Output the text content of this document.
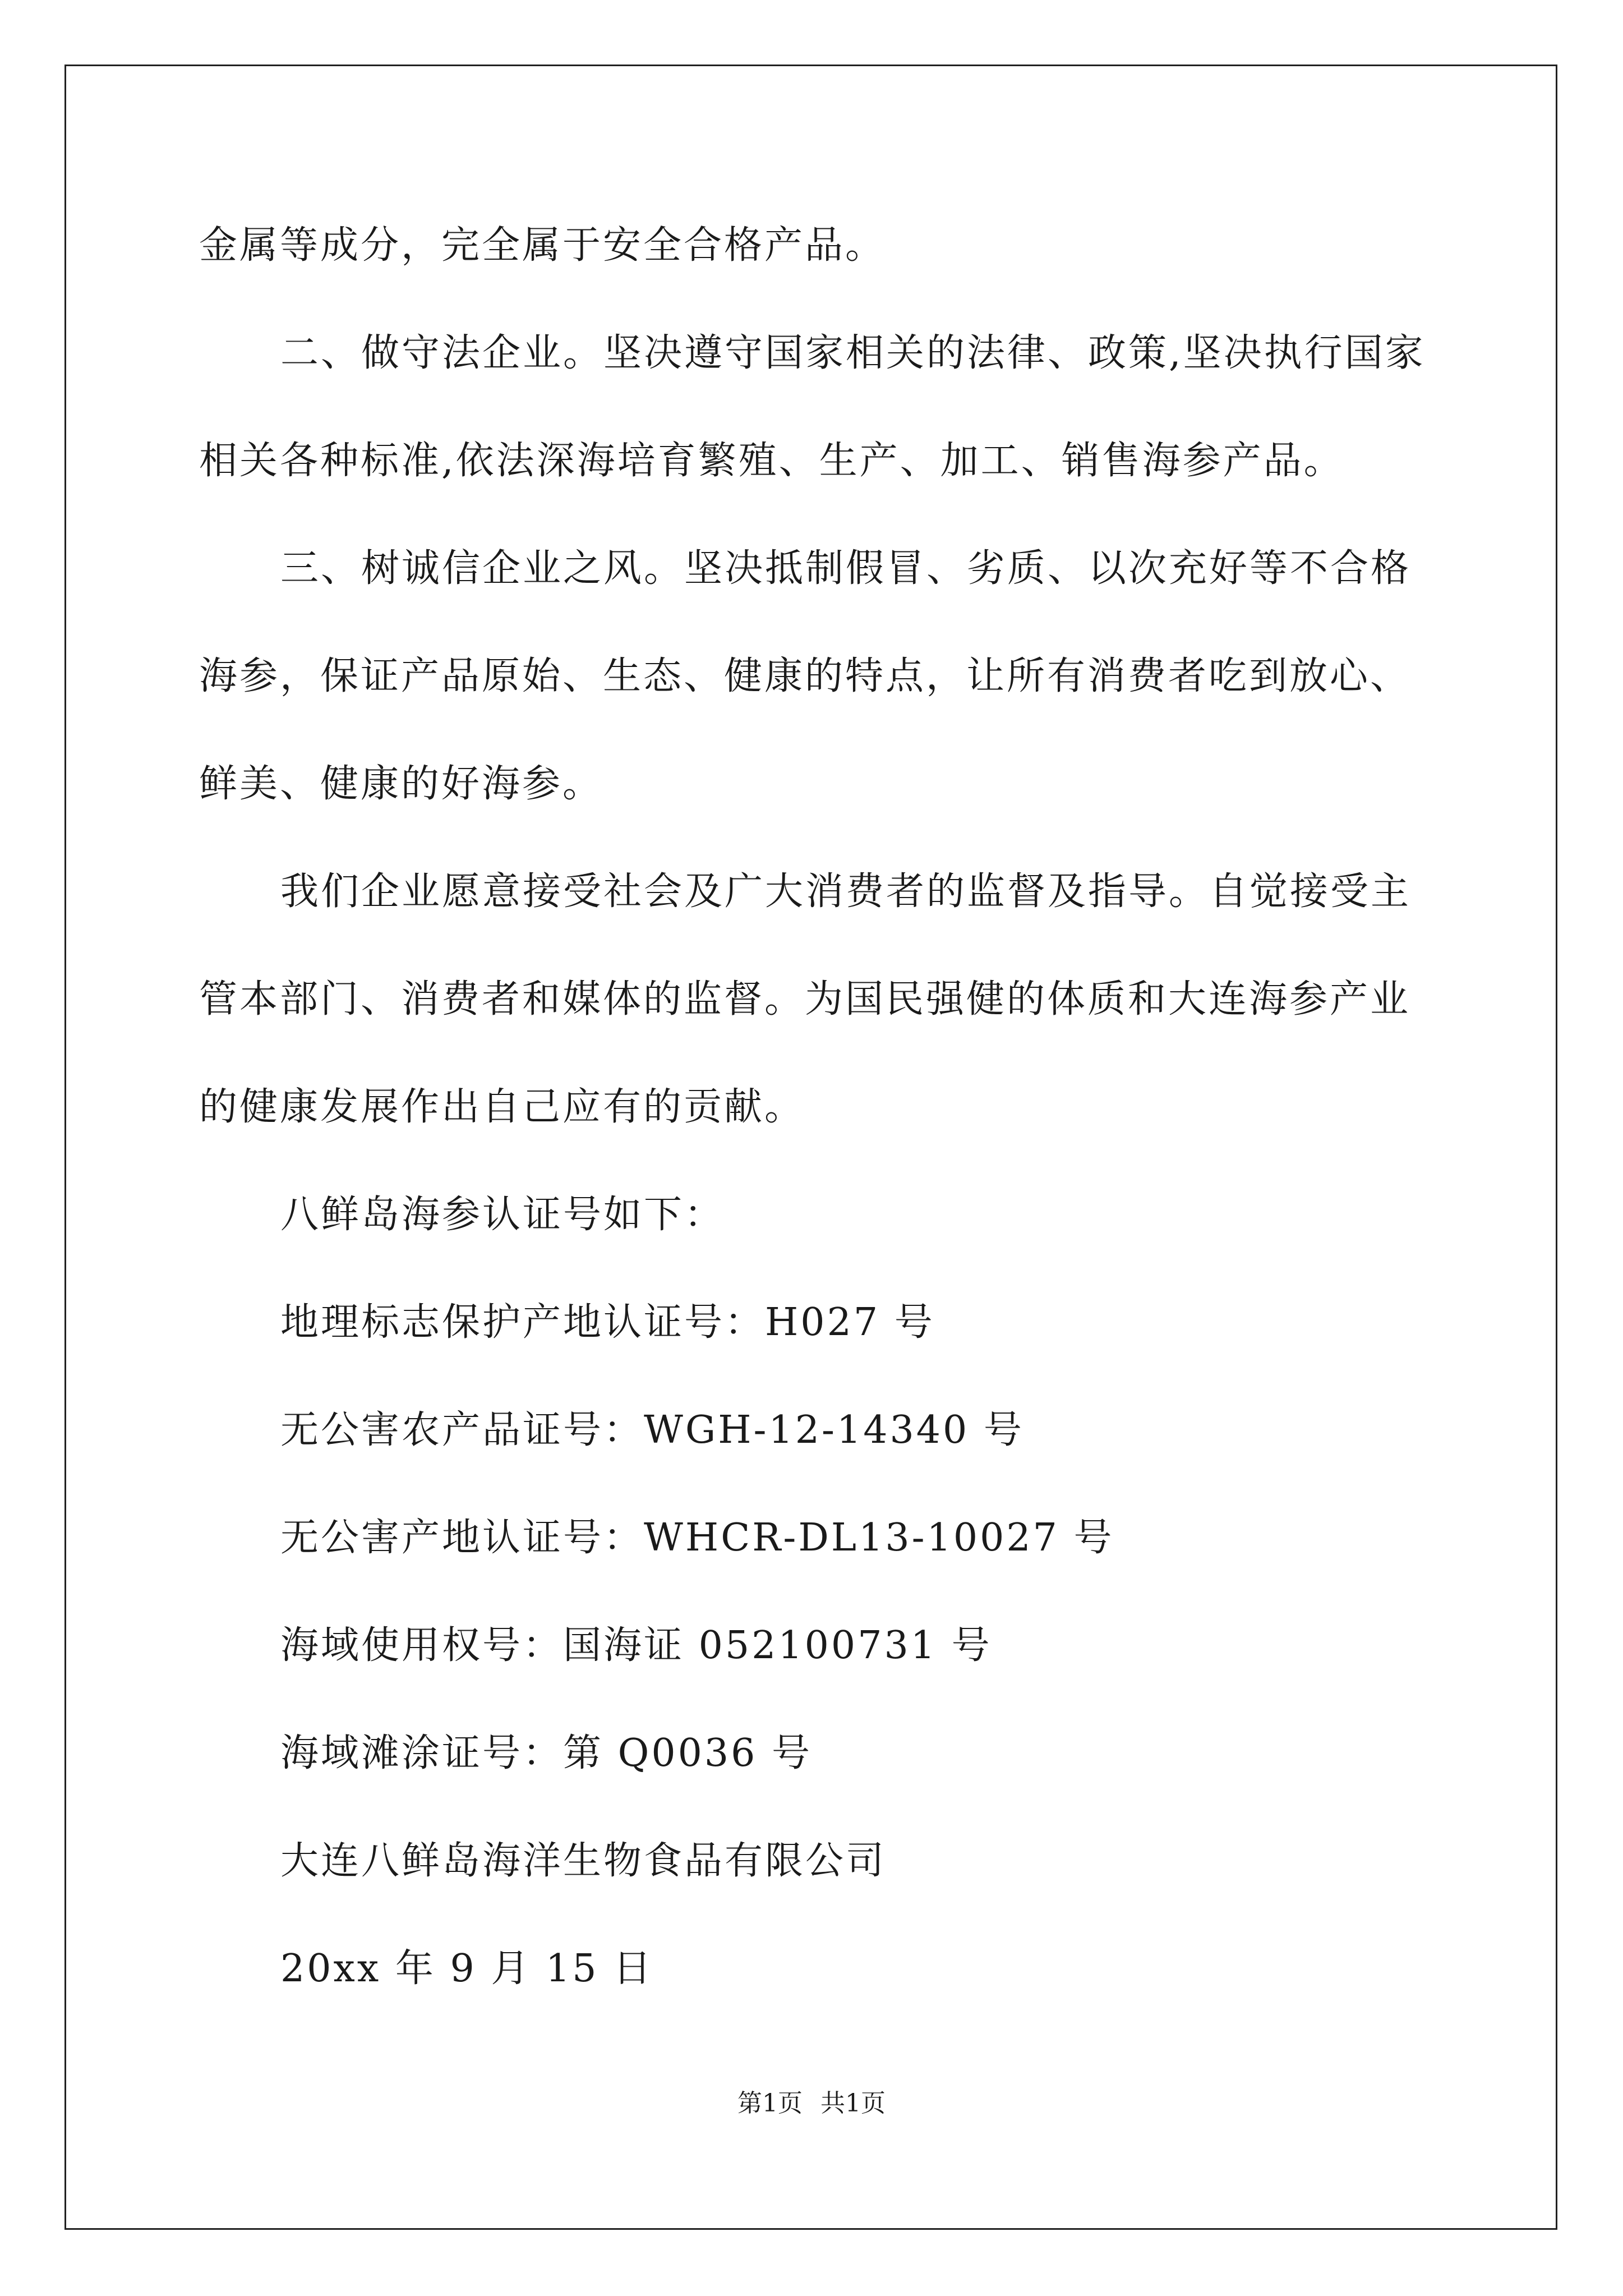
金属等成分，完全属于安全合格产品。
二、做守法企业。坚决遵守国家相关的法律、政策,坚决执行国家
相关各种标准,依法深海培育繁殖、生产、加工、销售海参产品。
三、树诚信企业之风。坚决抵制假冒、劣质、以次充好等不合格
海参，保证产品原始、生态、健康的特点，让所有消费者吃到放心、
鲜美、健康的好海参。
我们企业愿意接受社会及广大消费者的监督及指导。自觉接受主
管本部门、消费者和媒体的监督。为国民强健的体质和大连海参产业
的健康发展作出自己应有的贡献。
八鲜岛海参认证号如下：
地理标志保护产地认证号：H027 号
无公害农产品证号：WGH-12-14340 号
无公害产地认证号：WHCR-DL13-10027 号
海域使用权号：国海证 052100731 号
海域滩涂证号：第 Q0036 号
大连八鲜岛海洋生物食品有限公司
20xx 年 9 月 15 日
第1页 共1页
